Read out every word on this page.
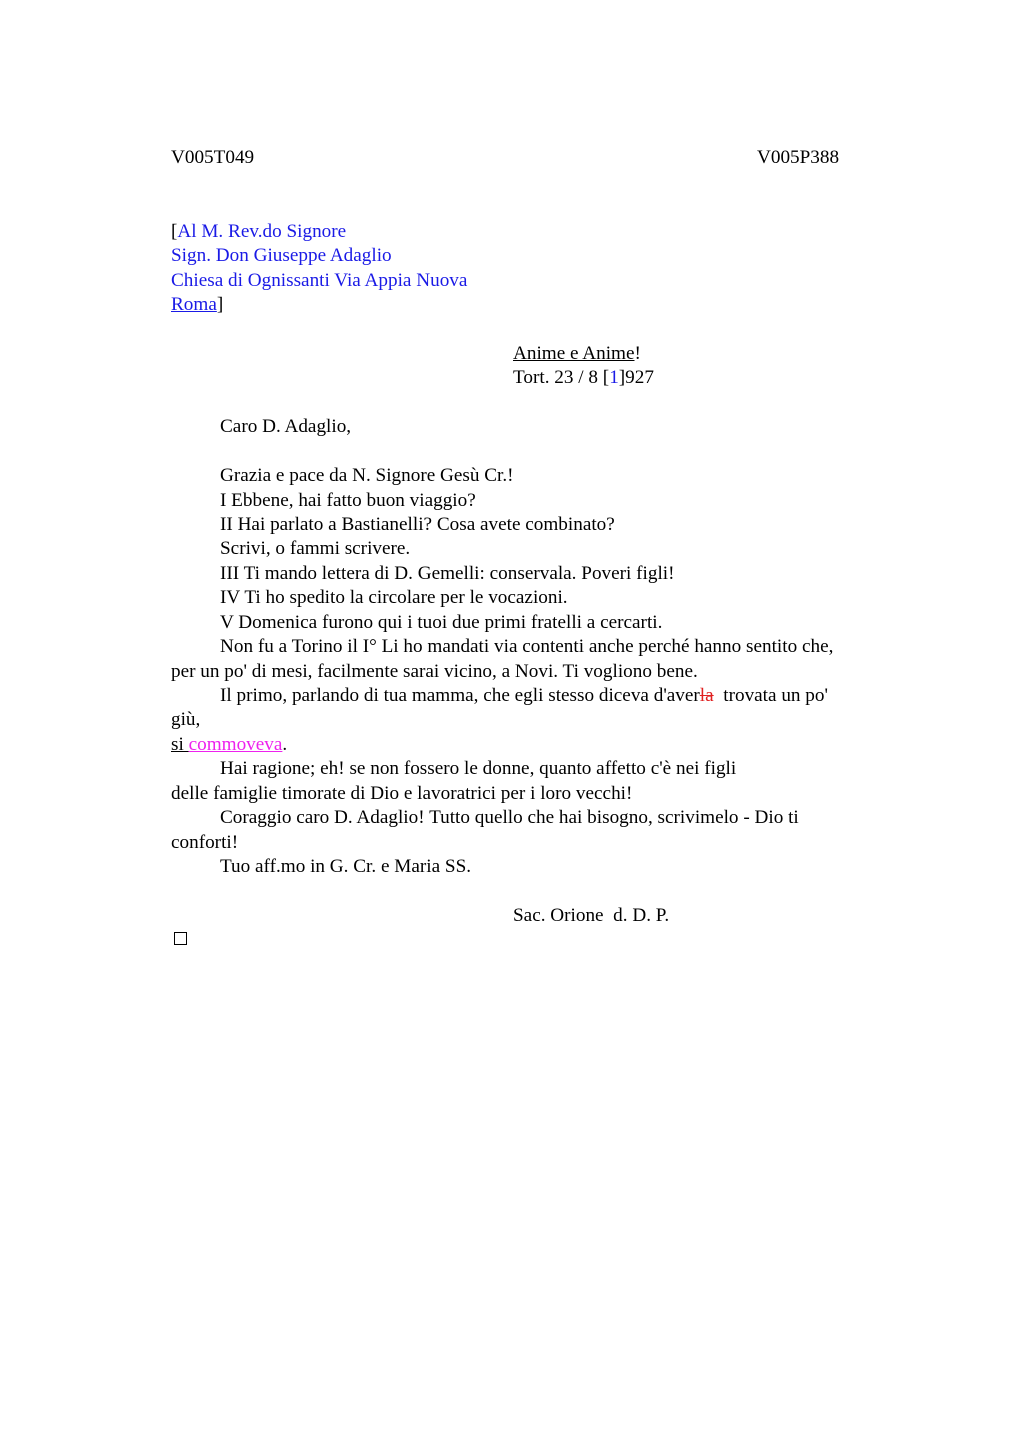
V005T049	V005P388
[Al M. Rev.do Signore
Sign. Don Giuseppe Adaglio
Chiesa di Ognissanti Via Appia Nuova
Roma]
Anime e Anime!
Tort. 23 / 8 [1]927
Caro D. Adaglio,
Grazia e pace da N. Signore Gesù Cr.!
I Ebbene, hai fatto buon viaggio?
II Hai parlato a Bastianelli? Cosa avete combinato?
Scrivi, o fammi scrivere.
III Ti mando lettera di D. Gemelli: conservala. Poveri figli!
IV Ti ho spedito la circolare per le vocazioni.
V Domenica furono qui i tuoi due primi fratelli a cercarti.
Non fu a Torino il I° Li ho mandati via contenti anche perché hanno sentito che,
per un po' di mesi, facilmente sarai vicino, a Novi. Ti vogliono bene.
Il primo, parlando di tua mamma, che egli stesso diceva d'averla  trovata un po'
giù,
si commoveva.
Hai ragione; eh! se non fossero le donne, quanto affetto c'è nei figli
delle famiglie timorate di Dio e lavoratrici per i loro vecchi!
Coraggio caro D. Adaglio! Tutto quello che hai bisogno, scrivimelo - Dio ti
conforti!
Tuo aff.mo in G. Cr. e Maria SS.
Sac. Orione  d. D. P.
